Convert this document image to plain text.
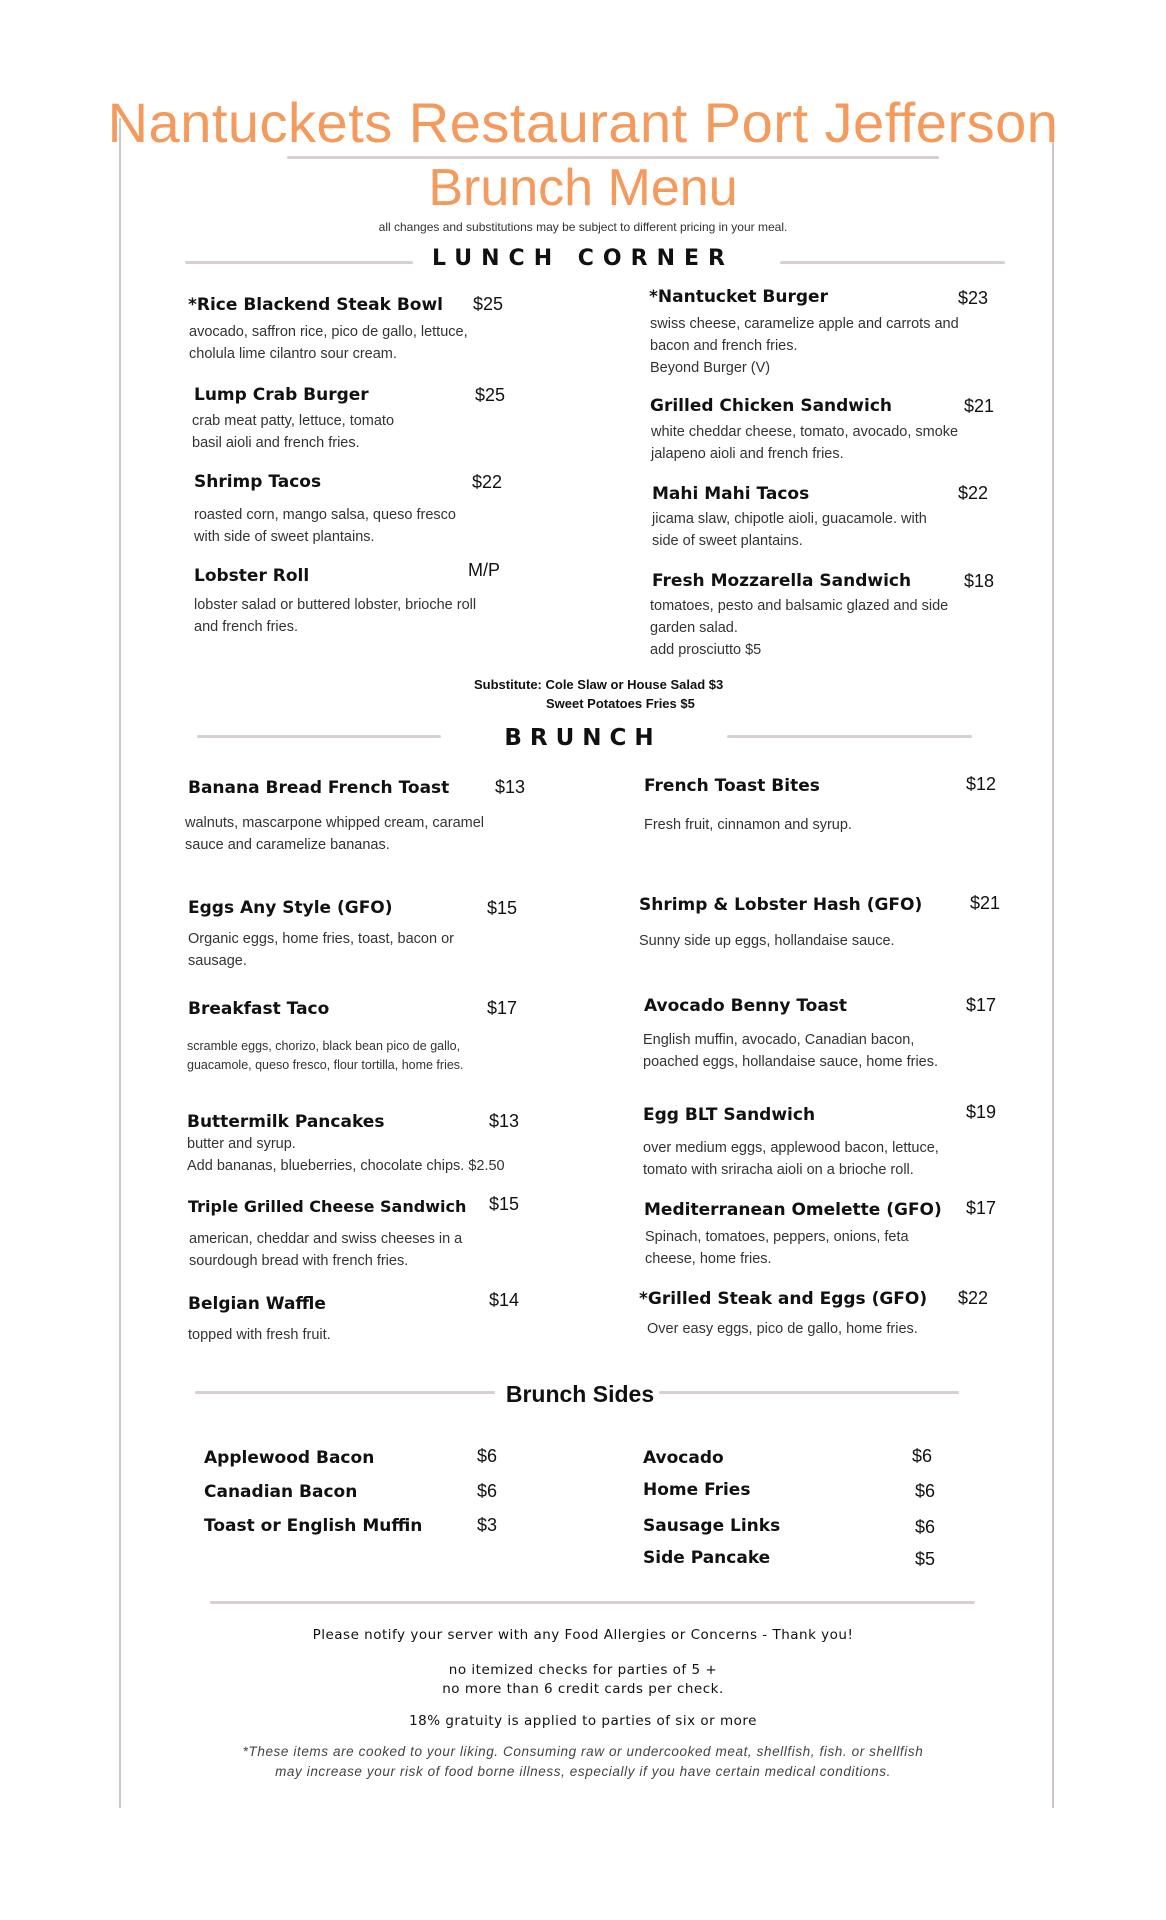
Nantuckets Restaurant Port Jefferson
Brunch Menu
all changes and substitutions may be subject to different pricing in your meal.
LUNCH CORNER
*Rice Blackend Steak Bowl $25
avocado, saffron rice, pico de gallo, lettuce,
cholula lime cilantro sour cream.
Lump Crab Burger	$25
crab meat patty, lettuce, tomato
basil aioli and french fries.
Shrimp Tacos	$22
roasted corn, mango salsa, queso fresco
with side of sweet plantains.
Lobster Roll	M/P
lobster salad or buttered lobster, brioche roll
and french fries.
*Nantucket Burger	$23
swiss cheese, caramelize apple and carrots and
bacon and french fries.
Beyond Burger (V)
Grilled Chicken Sandwich	$21
white cheddar cheese, tomato, avocado, smoke
jalapeno aioli and french fries.
Mahi Mahi Tacos	$22
jicama slaw, chipotle aioli, guacamole. with
side of sweet plantains.
Fresh Mozzarella Sandwich	$18
tomatoes, pesto and balsamic glazed and side
garden salad.
add prosciutto $5
Substitute: Cole Slaw or House Salad $3
Sweet Potatoes Fries $5
BRUNCH
Banana Bread French Toast	$13
walnuts, mascarpone whipped cream, caramel
sauce and caramelize bananas.
Eggs Any Style (GFO)	$15
Organic eggs, home fries, toast, bacon or
sausage.
Breakfast Taco	$17
scramble eggs, chorizo, black bean pico de gallo,
guacamole, queso fresco, flour tortilla, home fries.
Buttermilk Pancakes	$13
butter and syrup.
Add bananas, blueberries, chocolate chips. $2.50
Triple Grilled Cheese Sandwich $15
american, cheddar and swiss cheeses in a
sourdough bread with french fries.
Belgian Waffle	$14
topped with fresh fruit.
French Toast Bites	$12
Fresh fruit, cinnamon and syrup.
Shrimp & Lobster Hash (GFO)	$21
Sunny side up eggs, hollandaise sauce.
Avocado Benny Toast	$17
English muffin, avocado, Canadian bacon,
poached eggs, hollandaise sauce, home fries.
Egg BLT Sandwich	$19
over medium eggs, applewood bacon, lettuce,
tomato with sriracha aioli on a brioche roll.
Mediterranean Omelette (GFO) $17
Spinach, tomatoes, peppers, onions, feta
cheese, home fries.
*Grilled Steak and Eggs (GFO) $22
Over easy eggs, pico de gallo, home fries.
Brunch Sides
Applewood Bacon	$6
Canadian Bacon	$6
Toast or English Muffin	$3
Avocado	$6
Home Fries	$6
Sausage Links	$6
Side Pancake	$5
Please notify your server with any Food Allergies or Concerns - Thank you!
no itemized checks for parties of 5 +
no more than 6 credit cards per check.
18% gratuity is applied to parties of six or more
*These items are cooked to your liking. Consuming raw or undercooked meat, shellfish, fish. or shellfish
may increase your risk of food borne illness, especially if you have certain medical conditions.
